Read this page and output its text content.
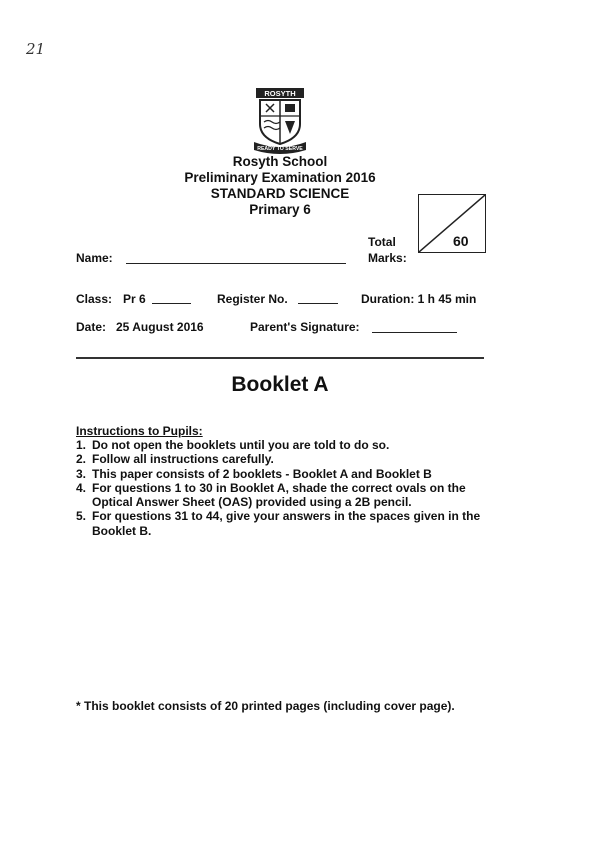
21
ROSYTH
READY TO SERVE
Rosyth School
Preliminary Examination 2016
STANDARD SCIENCE
Primary 6
Total
Marks:
60
Name:
Class: Pr 6	Register No.	Duration: 1 h 45 min
Date: 25 August 2016	Parent's Signature:
Booklet A
Instructions to Pupils:
1. Do not open the booklets until you are told to do so.
2. Follow all instructions carefully.
3. This paper consists of 2 booklets - Booklet A and Booklet B
4. For questions 1 to 30 in Booklet A, shade the correct ovals on the Optical Answer Sheet (OAS) provided using a 2B pencil.
5. For questions 31 to 44, give your answers in the spaces given in the Booklet B.
* This booklet consists of 20 printed pages (including cover page).
